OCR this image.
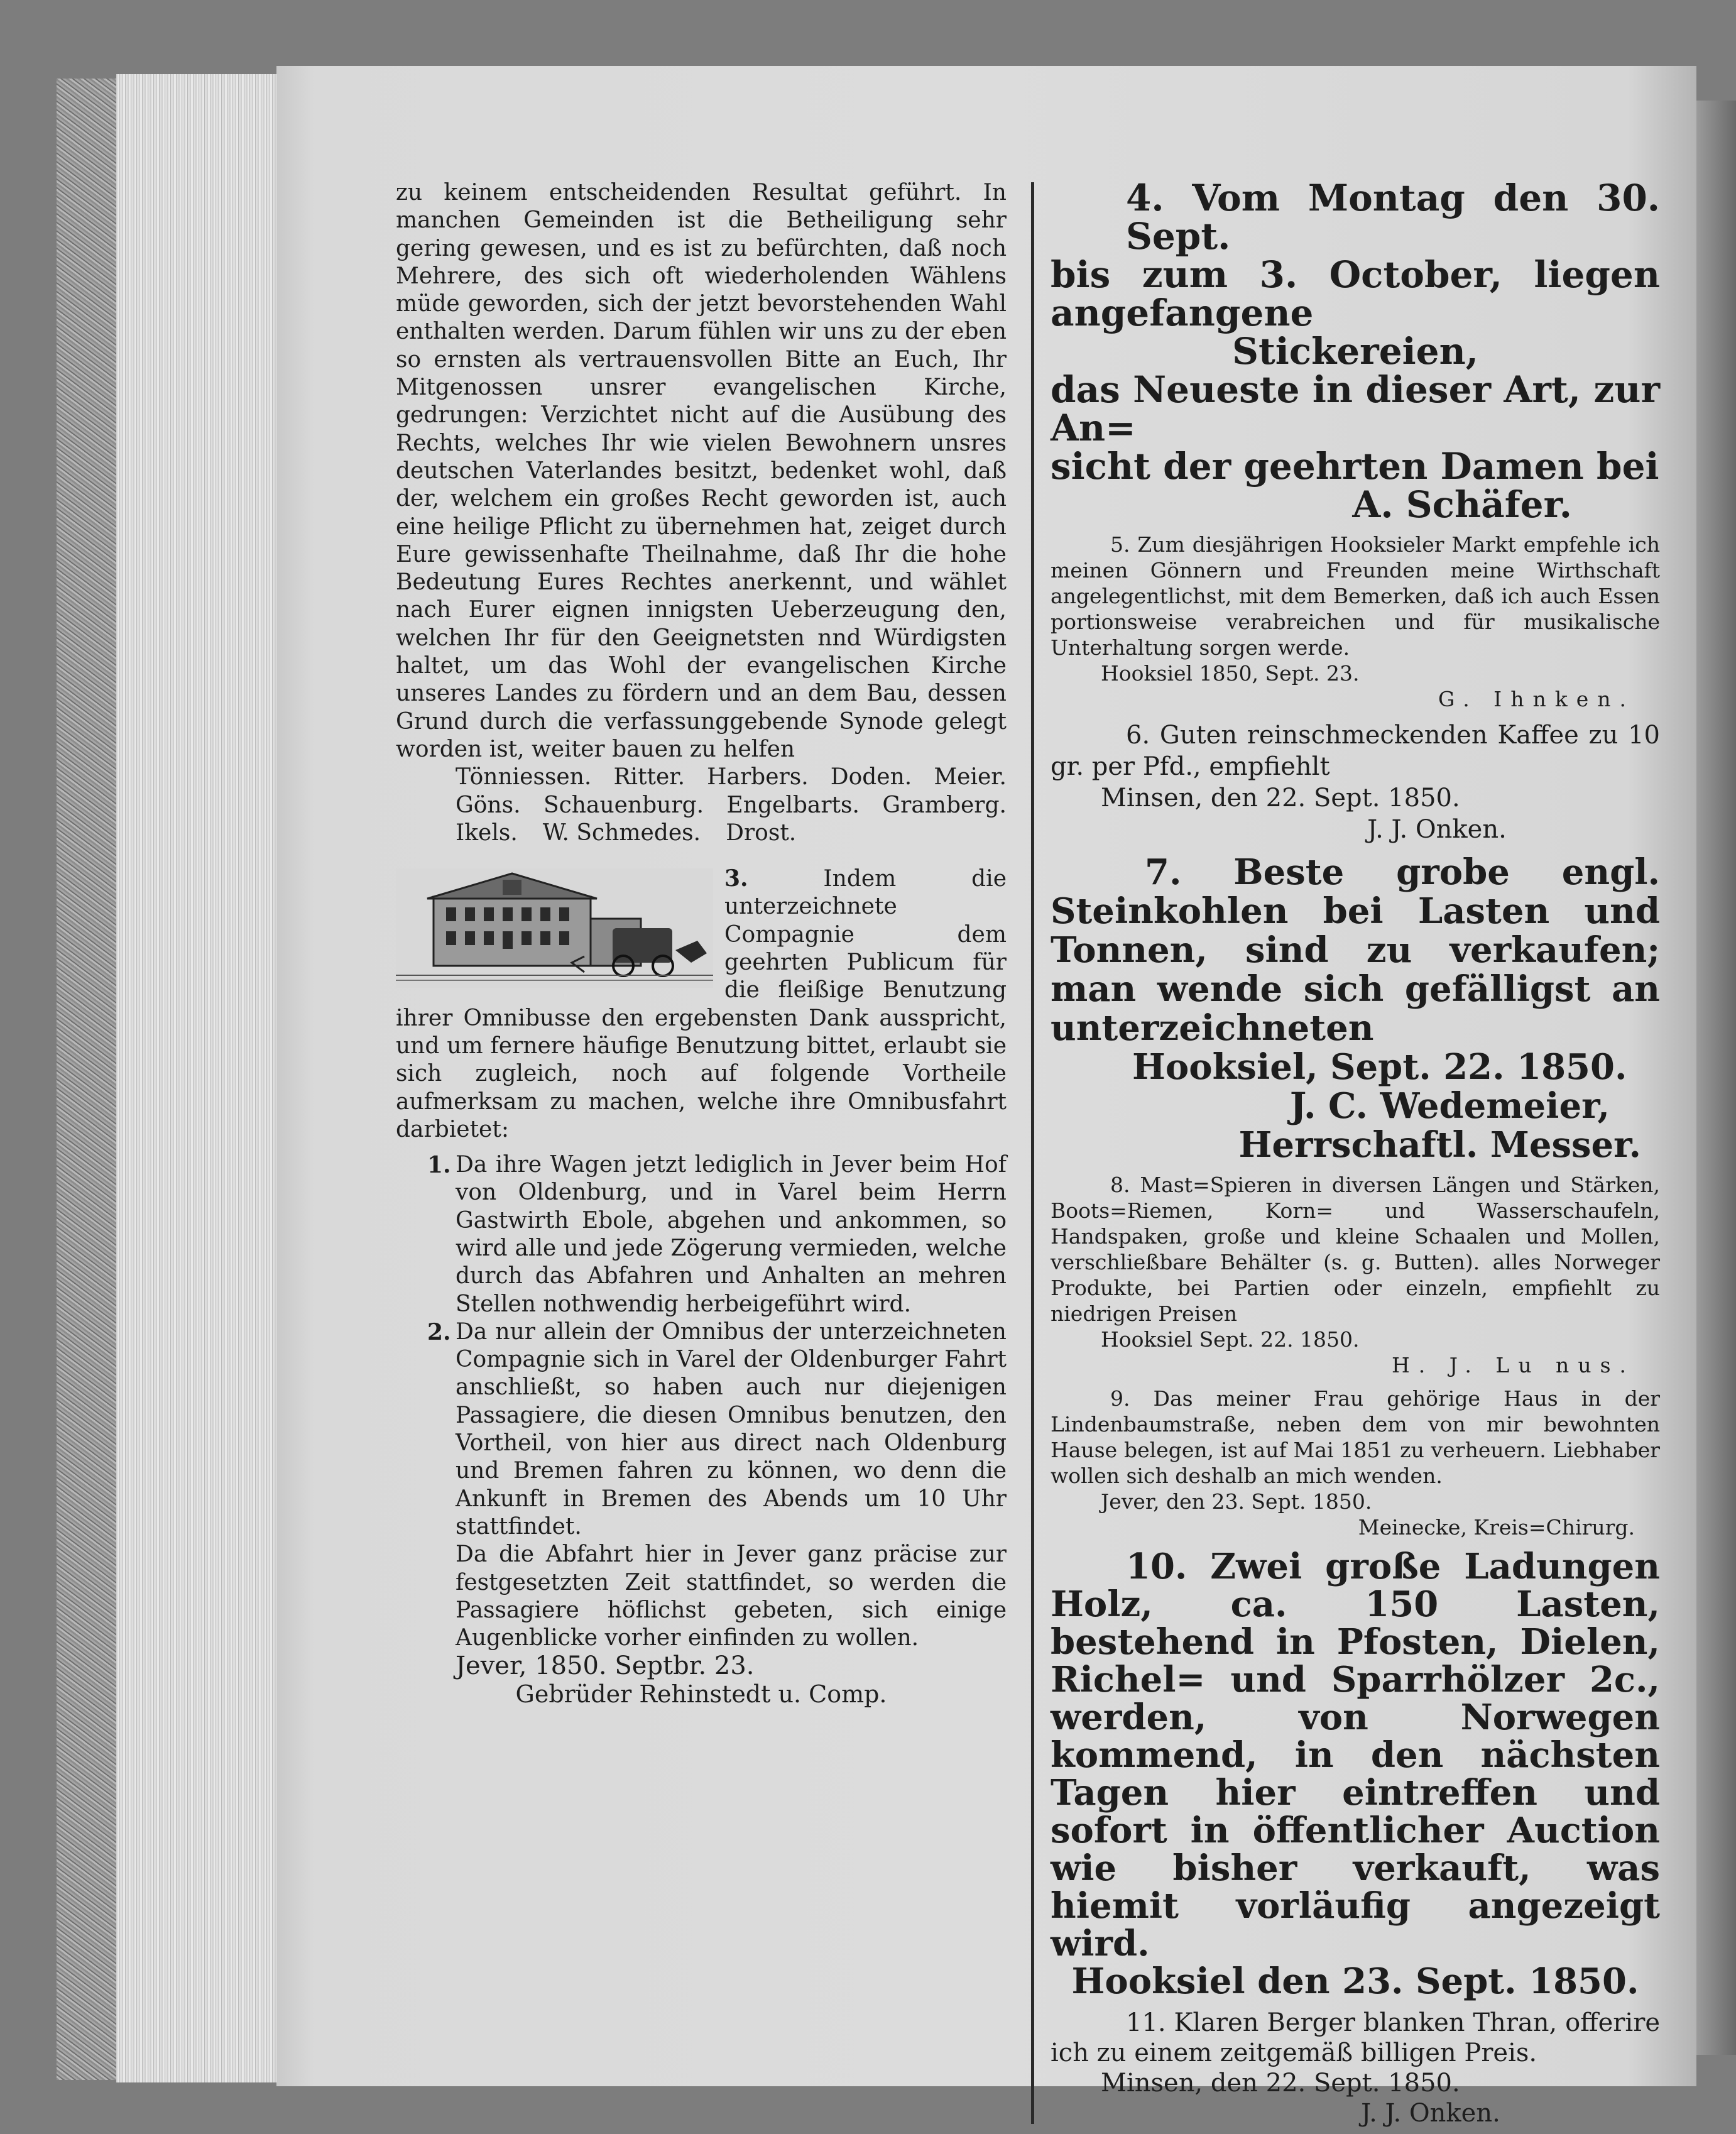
zu keinem entscheidenden Resultat geführt. In manchen Gemeinden ist die Betheiligung sehr gering gewesen, und es ist zu befürchten, daß noch Mehrere, des sich oft wiederholenden Wählens müde geworden, sich der jetzt bevorstehenden Wahl enthalten werden. Darum fühlen wir uns zu der eben so ernsten als vertrauensvollen Bitte an Euch, Ihr Mitgenossen unsrer evangelischen Kirche, gedrungen: Verzichtet nicht auf die Ausübung des Rechts, welches Ihr wie vielen Bewohnern unsres deutschen Vaterlandes besitzt, bedenket wohl, daß der, welchem ein großes Recht geworden ist, auch eine heilige Pflicht zu übernehmen hat, zeiget durch Eure gewissenhafte Theilnahme, daß Ihr die hohe Bedeutung Eures Rechtes anerkennt, und wählet nach Eurer eignen innigsten Ueberzeugung den, welchen Ihr für den Geeignetsten nnd Würdigsten haltet, um das Wohl der evangelischen Kirche unseres Landes zu fördern und an dem Bau, dessen Grund durch die verfassunggebende Synode gelegt worden ist, weiter bauen zu helfen

Tönniessen. Ritter. Harbers. Doden. Meier.
Göns. Schauenburg. Engelbarts. Gramberg.
Ikels. W. Schmedes. Drost.

3.	Indem die unterzeichnete Compagnie dem geehrten Publicum für die fleißige Benutzung ihrer Omnibusse den ergebensten Dank ausspricht, und um fernere häufige Benutzung bittet, erlaubt sie sich zugleich, noch auf folgende Vortheile aufmerksam zu machen, welche ihre Omnibusfahrt darbietet:

1. Da ihre Wagen jetzt lediglich in Jever beim Hof von Oldenburg, und in Varel beim Herrn Gastwirth Ebole, abgehen und ankommen, so wird alle und jede Zögerung vermieden, welche durch das Abfahren und Anhalten an mehren Stellen nothwendig herbeigeführt wird.
2. Da nur allein der Omnibus der unterzeichneten Compagnie sich in Varel der Oldenburger Fahrt anschließt, so haben auch nur diejenigen Passagiere, die diesen Omnibus benutzen, den Vortheil, von hier aus direct nach Oldenburg und Bremen fahren zu können, wo denn die Ankunft in Bremen des Abends um 10 Uhr stattfindet.

Da die Abfahrt hier in Jever ganz präcise zur festgesetzten Zeit stattfindet, so werden die Passagiere höflichst gebeten, sich einige Augenblicke vorher einfinden zu wollen.

Jever, 1850. Septbr. 23.

Gebrüder Rehinstedt u. Comp.

4. Vom Montag den 30. Sept.
bis zum 3. October, liegen angefangene
Stickereien,
das Neueste in dieser Art, zur An=
sicht der geehrten Damen bei
A. Schäfer.

5. Zum diesjährigen Hooksieler Markt empfehle ich meinen Gönnern und Freunden meine Wirthschaft angelegentlichst, mit dem Bemerken, daß ich auch Essen portionsweise verabreichen und für musikalische Unterhaltung sorgen werde.

Hooksiel 1850, Sept. 23.

G. Ihnken.

6. Guten reinschmeckenden Kaffee zu 10 gr. per Pfd., empfiehlt

Minsen, den 22. Sept. 1850.

J. J. Onken.

7. Beste grobe engl. Steinkohlen bei Lasten und Tonnen, sind zu verkaufen; man wende sich gefälligst an unterzeichneten

Hooksiel, Sept. 22. 1850.

J. C. Wedemeier,

Herrschaftl. Messer.

8. Mast=Spieren in diversen Längen und Stärken, Boots=Riemen, Korn= und Wasserschaufeln, Handspaken, große und kleine Schaalen und Mollen, verschließbare Behälter (s. g. Butten). alles Norweger Produkte, bei Partien oder einzeln, empfiehlt zu niedrigen Preisen

Hooksiel Sept. 22. 1850.

H. J. Lu nus.

9. Das meiner Frau gehörige Haus in der Lindenbaumstraße, neben dem von mir bewohnten Hause belegen, ist auf Mai 1851 zu verheuern. Liebhaber wollen sich deshalb an mich wenden.

Jever, den 23. Sept. 1850.

Meinecke, Kreis=Chirurg.

10. Zwei große Ladungen Holz, ca. 150 Lasten, bestehend in Pfosten, Dielen, Richel= und Sparrhölzer 2c., werden, von Norwegen kommend, in den nächsten Tagen hier eintreffen und sofort in öffentlicher Auction wie bisher verkauft, was hiemit vorläufig angezeigt wird.

Hooksiel den 23. Sept. 1850.

11. Klaren Berger blanken Thran, offerire ich zu einem zeitgemäß billigen Preis.

Minsen, den 22. Sept. 1850.

J. J. Onken.
